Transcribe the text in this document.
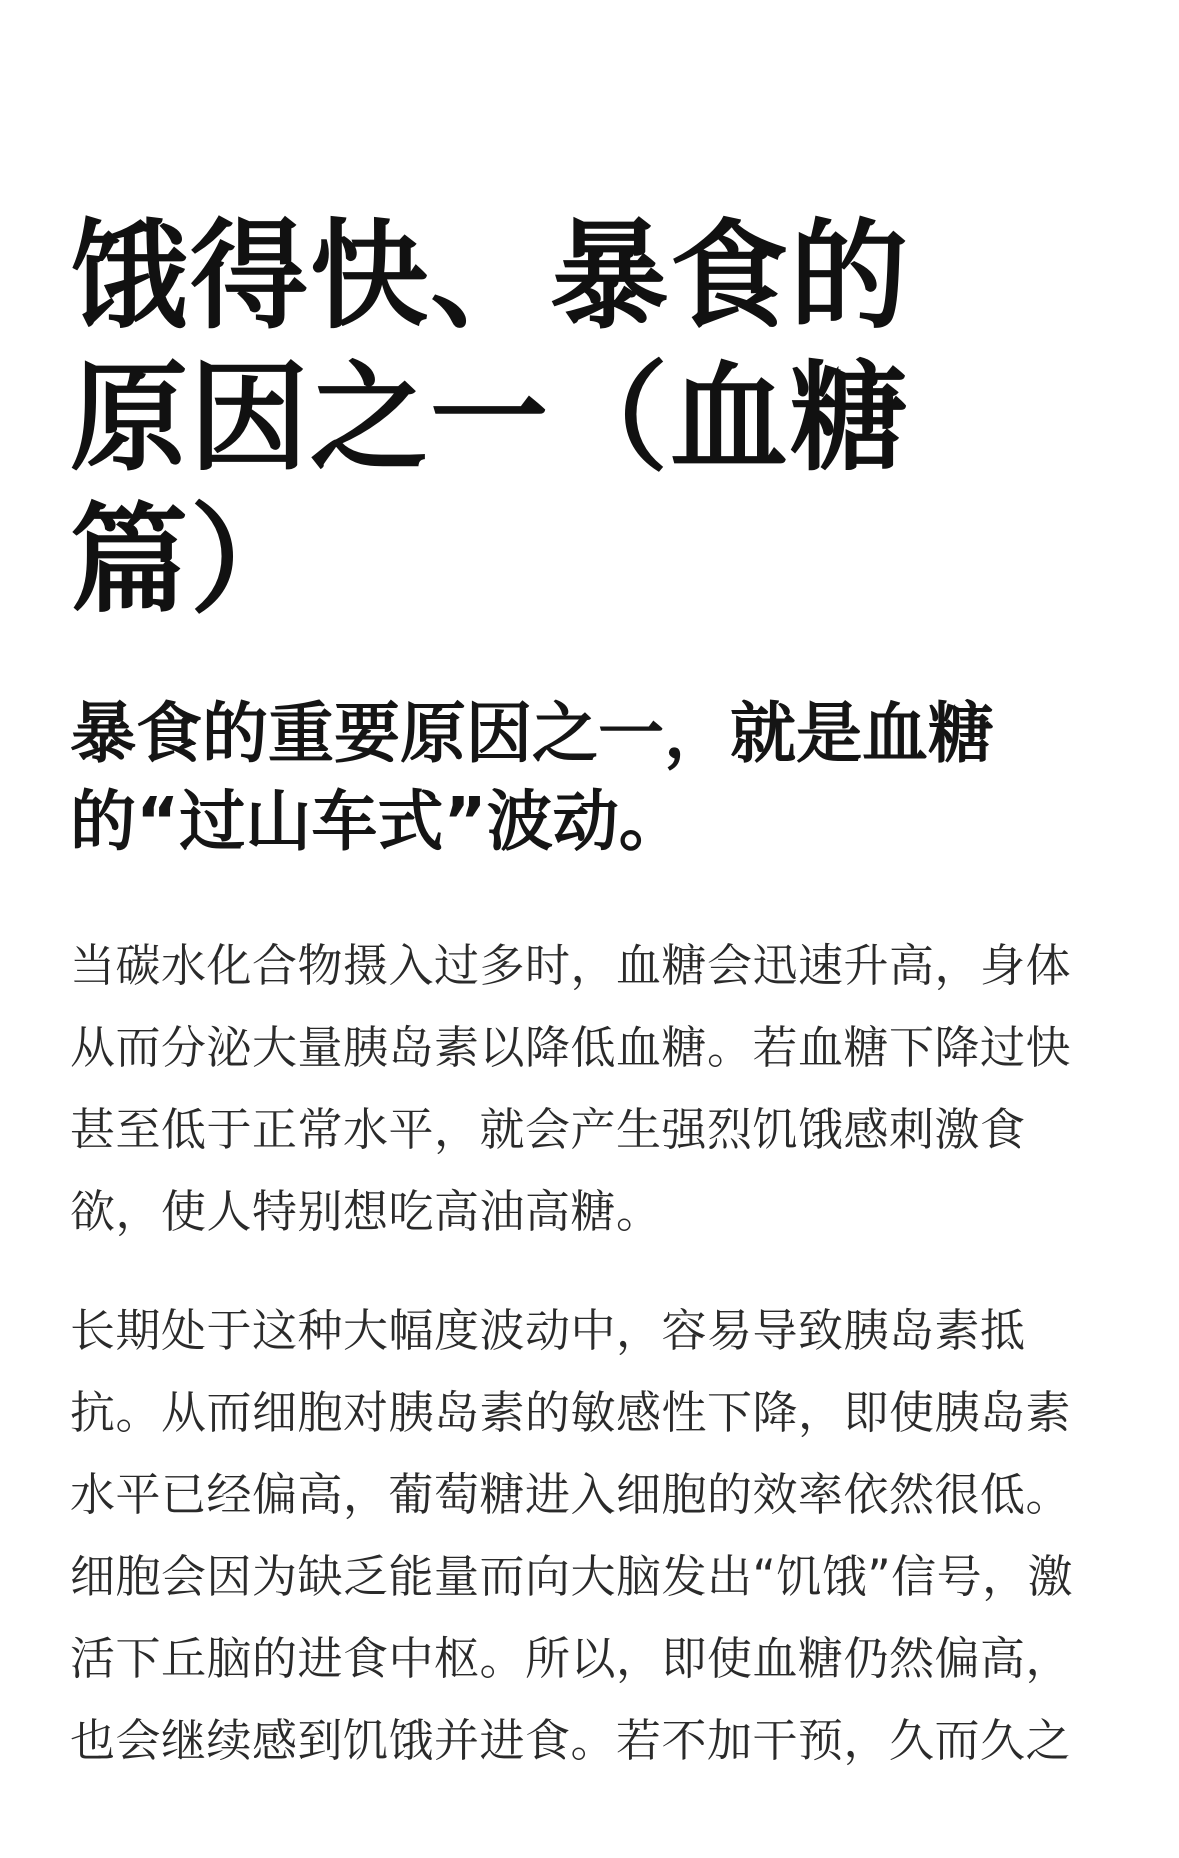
饿得快、暴食的
原因之一（血糖
篇）
暴食的重要原因之一，就是血糖
的“过山车式”波动。

当碳水化合物摄入过多时，血糖会迅速升高，身体
从而分泌大量胰岛素以降低血糖。若血糖下降过快
甚至低于正常水平，就会产生强烈饥饿感刺激食
欲，使人特别想吃高油高糖。

长期处于这种大幅度波动中，容易导致胰岛素抵
抗。从而细胞对胰岛素的敏感性下降，即使胰岛素
水平已经偏高，葡萄糖进入细胞的效率依然很低。
细胞会因为缺乏能量而向大脑发出“饥饿”信号，激
活下丘脑的进食中枢。所以，即使血糖仍然偏高，
也会继续感到饥饿并进食。若不加干预，久而久之
